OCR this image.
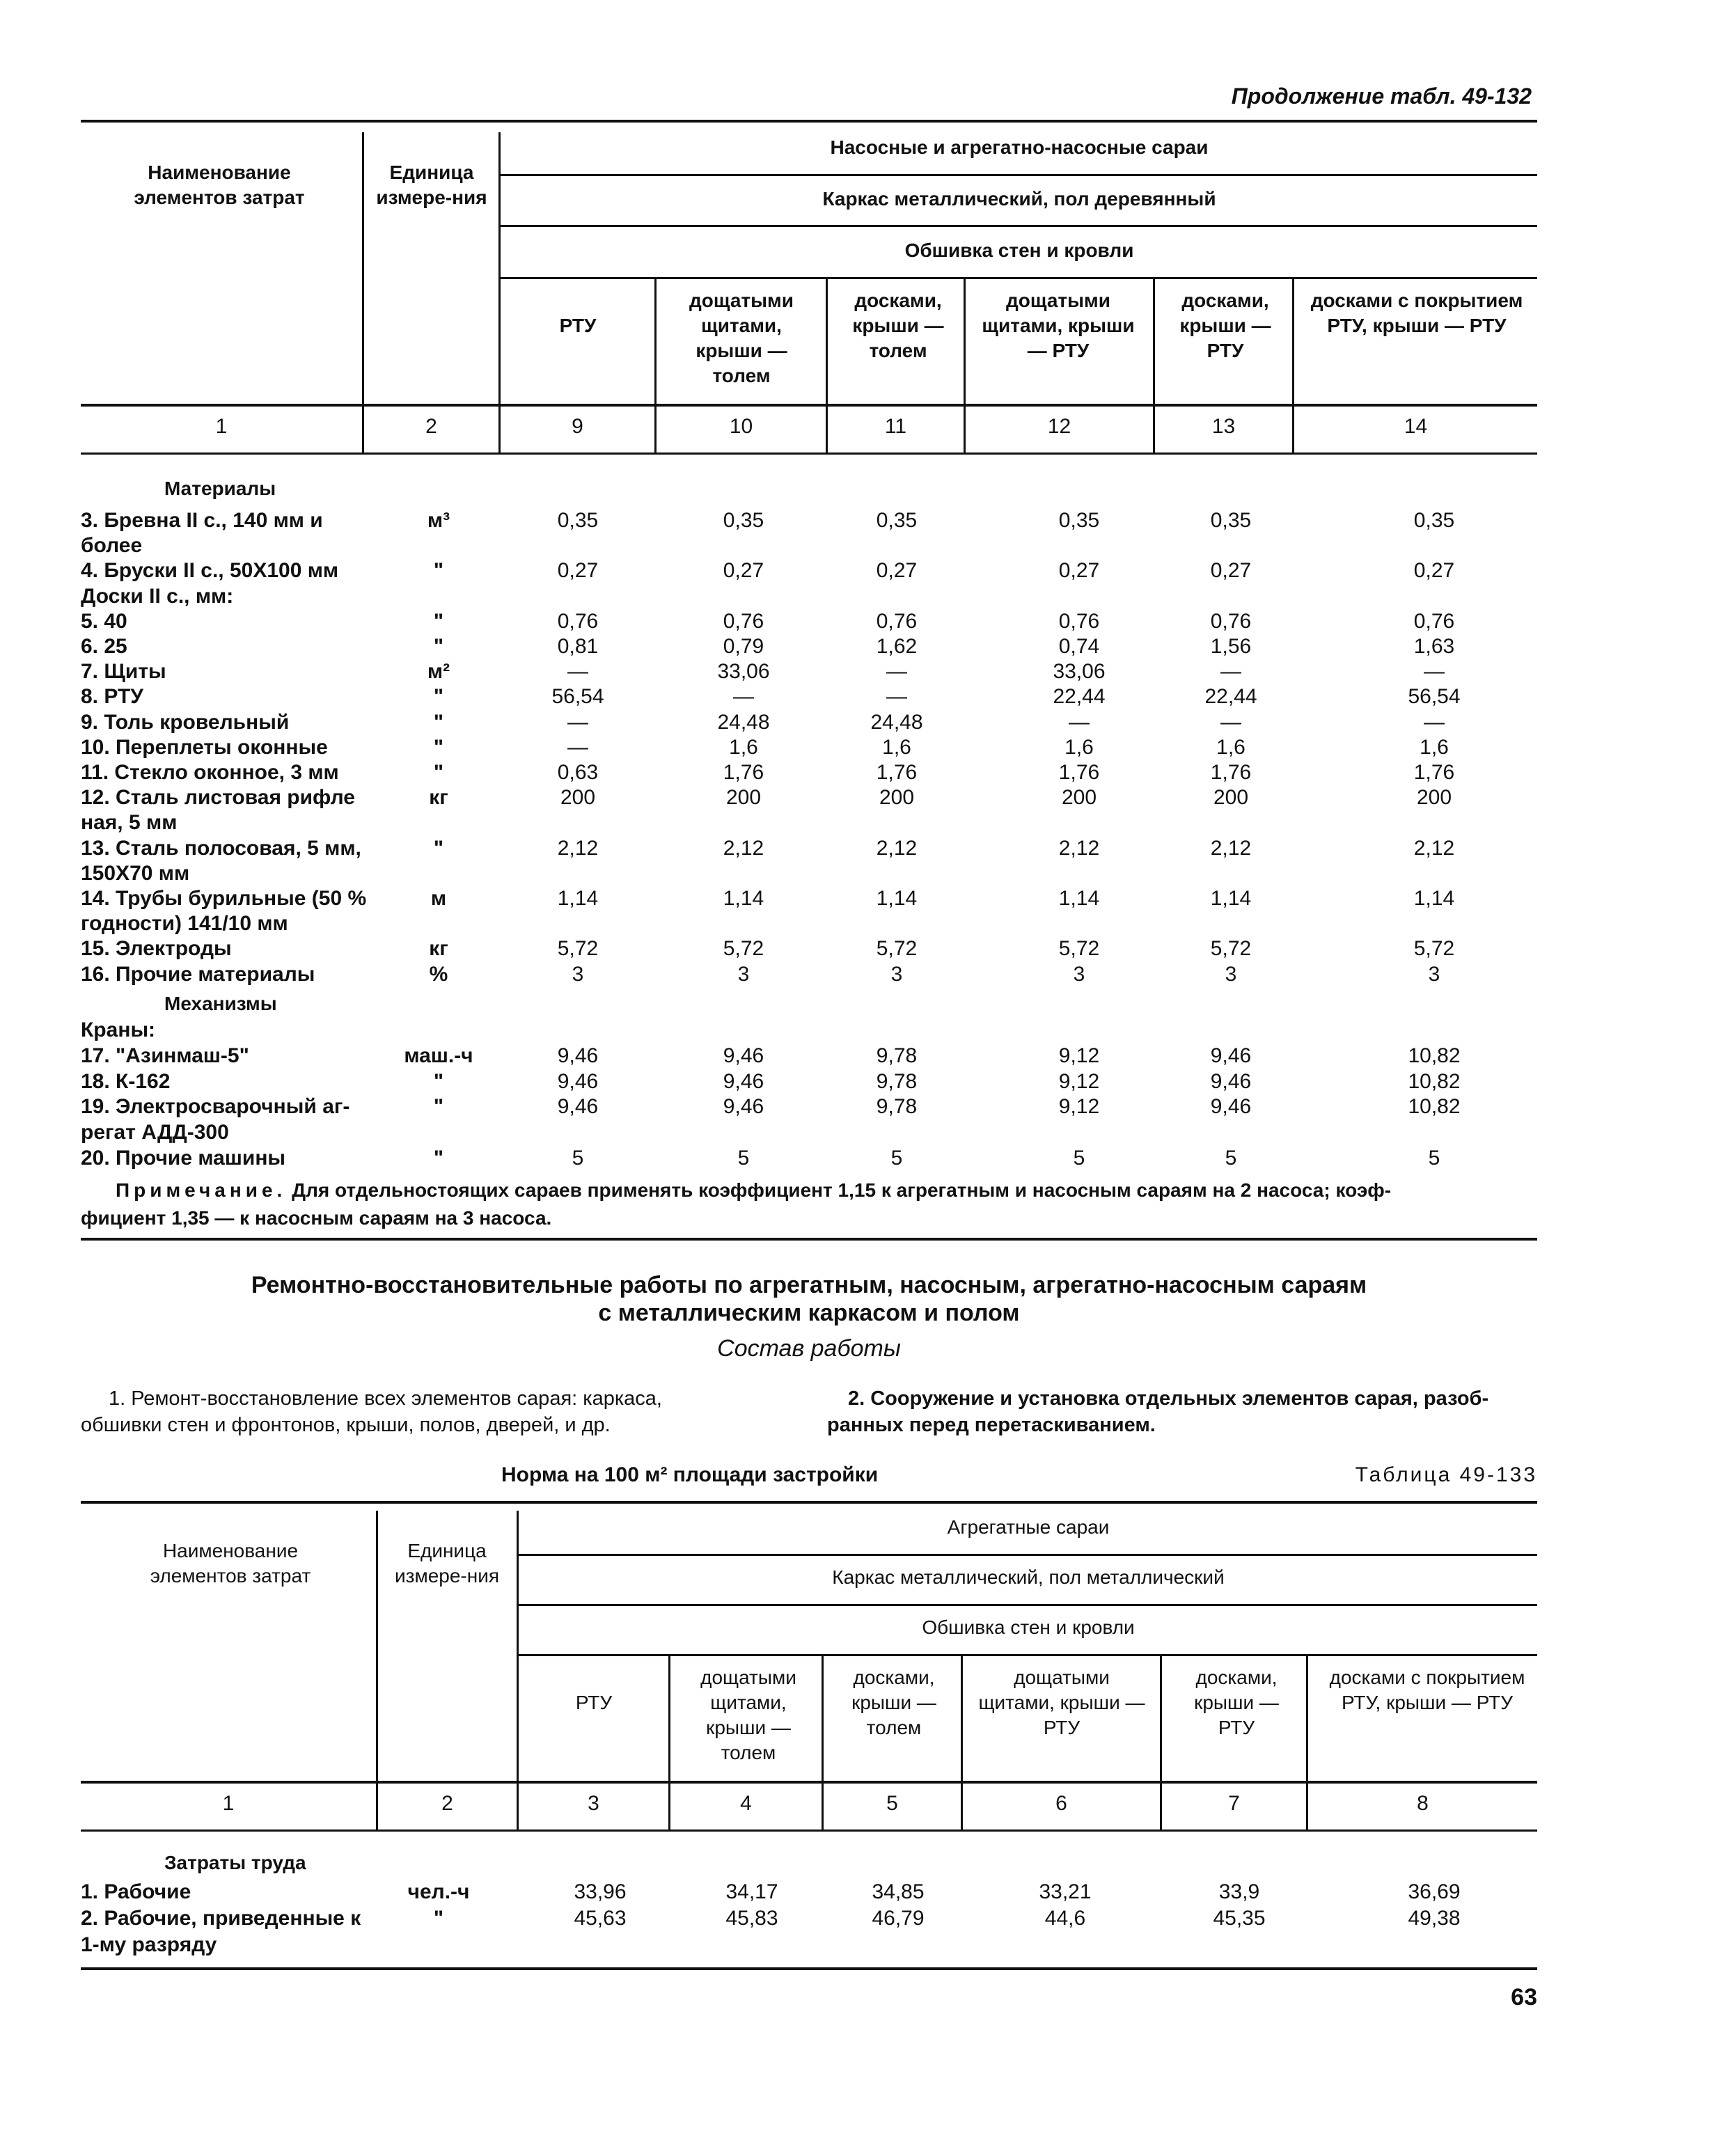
Продолжение табл. 49-132
Наименование элементов затрат
Единица измере-ния
Насосные и агрегатно-насосные сараи
Каркас металлический, пол деревянный
Обшивка стен и кровли
РТУ
дощатыми щитами, крыши — толем
досками, крыши — толем
дощатыми щитами, крыши — РТУ
досками, крыши — РТУ
досками с покрытием РТУ, крыши — РТУ
1	2	9	10	11	12	13	14
Материалы
3. Бревна II с., 140 мм и	м³	0,35	0,35	0,35	0,35	0,35	0,35
более
4. Бруски II с., 50X100 мм	"	0,27	0,27	0,27	0,27	0,27	0,27
Доски II с., мм:
5. 40	"	0,76	0,76	0,76	0,76	0,76	0,76
6. 25	"	0,81	0,79	1,62	0,74	1,56	1,63
7. Щиты	м²	—	33,06	—	33,06	—	—
8. РТУ	"	56,54	—	—	22,44	22,44	56,54
9. Толь кровельный	"	—	24,48	24,48	—	—	—
10. Переплеты оконные	"	—	1,6	1,6	1,6	1,6	1,6
11. Стекло оконное, 3 мм	"	0,63	1,76	1,76	1,76	1,76	1,76
12. Сталь листовая рифле	кг	200	200	200	200	200	200
ная, 5 мм
13. Сталь полосовая, 5 мм,	"	2,12	2,12	2,12	2,12	2,12	2,12
150X70 мм
14. Трубы бурильные (50 %	м	1,14	1,14	1,14	1,14	1,14	1,14
годности) 141/10 мм
15. Электроды	кг	5,72	5,72	5,72	5,72	5,72	5,72
16. Прочие материалы	%	3	3	3	3	3	3
Механизмы
Краны:
17. "Азинмаш-5"	маш.-ч	9,46	9,46	9,78	9,12	9,46	10,82
18. К-162	"	9,46	9,46	9,78	9,12	9,46	10,82
19. Электросварочный аг-	"	9,46	9,46	9,78	9,12	9,46	10,82
регат АДД-300
20. Прочие машины	"	5	5	5	5	5	5
Примечание. Для отдельностоящих сараев применять коэффициент 1,15 к агрегатным и насосным сараям на 2 насоса; коэф-
фициент 1,35 — к насосным сараям на 3 насоса.
Ремонтно-восстановительные работы по агрегатным, насосным, агрегатно-насосным сараям
с металлическим каркасом и полом
Состав работы
1. Ремонт-восстановление всех элементов сарая: каркаса,
обшивки стен и фронтонов, крыши, полов, дверей, и др.
2. Сооружение и установка отдельных элементов сарая, разоб-
ранных перед перетаскиванием.
Норма на 100 м² площади застройки	Таблица 49-133
Наименование элементов затрат
Единица измере-ния
Агрегатные сараи
Каркас металлический, пол металлический
Обшивка стен и кровли
РТУ
дощатыми щитами, крыши — толем
досками, крыши — толем
дощатыми щитами, крыши — РТУ
досками, крыши — РТУ
досками с покрытием РТУ, крыши — РТУ
1	2	3	4	5	6	7	8
Затраты труда
1. Рабочие	чел.-ч	33,96	34,17	34,85	33,21	33,9	36,69
2. Рабочие, приведенные к	"	45,63	45,83	46,79	44,6	45,35	49,38
1-му разряду
63
